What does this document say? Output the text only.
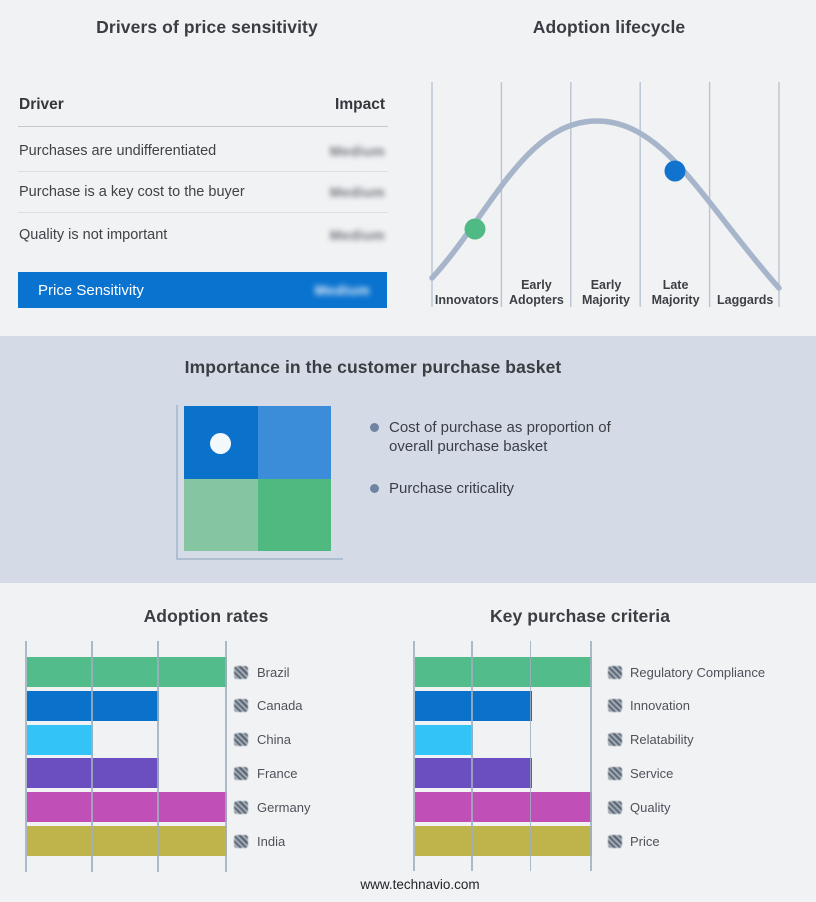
Drivers of price sensitivity
Driver	Impact
Purchases are undifferentiated	Medium
Purchase is a key cost to the buyer	Medium
Quality is not important	Medium
Price Sensitivity	Medium
Adoption lifecycle
Innovators
Early Adopters
Early Majority
Late Majority	Laggards
Importance in the customer purchase basket
Cost of purchase as proportion of overall purchase basket
Purchase criticality
Adoption rates	Key purchase criteria
Brazil
Canada
China
France
Germany
India
Regulatory Compliance
Innovation
Relatability
Service
Quality
Price
www.technavio.com
